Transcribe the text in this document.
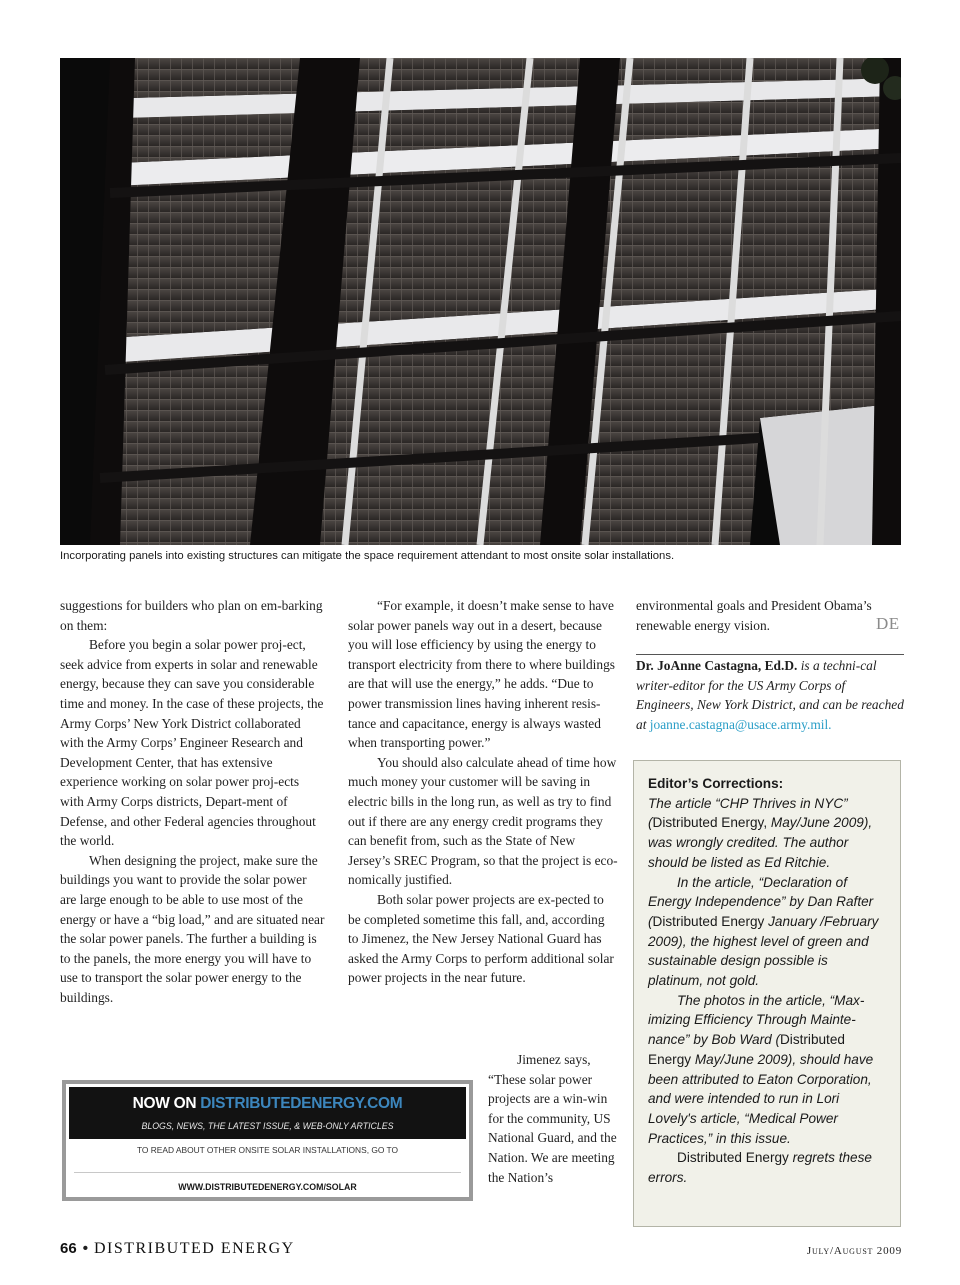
Incorporating panels into existing structures can mitigate the space requirement attendant to most onsite solar installations.

suggestions for builders who plan on em-barking on them:

Before you begin a solar power proj-ect, seek advice from experts in solar and renewable energy, because they can save you considerable time and money. In the case of these projects, the Army Corps’ New York District collaborated with the Army Corps’ Engineer Research and Development Center, that has extensive experience working on solar power proj-ects with Army Corps districts, Depart-ment of Defense, and other Federal agencies throughout the world.

When designing the project, make sure the buildings you want to provide the solar power are large enough to be able to use most of the energy or have a “big load,” and are situated near the solar power panels. The further a building is to the panels, the more energy you will have to use to transport the solar power energy to the buildings.

“For example, it doesn’t make sense to have solar power panels way out in a desert, because you will lose efficiency by using the energy to transport electricity from there to where buildings are that will use the energy,” he adds. “Due to power transmission lines having inherent resis-tance and capacitance, energy is always wasted when transporting power.”

You should also calculate ahead of time how much money your customer will be saving in electric bills in the long run, as well as try to find out if there are any energy credit programs they can benefit from, such as the State of New Jersey’s SREC Program, so that the project is eco-nomically justified.

Both solar power projects are ex-pected to be completed sometime this fall, and, according to Jimenez, the New Jersey National Guard has asked the Army Corps to perform additional solar power projects in the near future.

Jimenez says, “These solar power projects are a win-win for the community, US National Guard, and the Nation. We are meeting the Nation’s

environmental goals and President Obama’s renewable energy vision.	DE

Dr. JoAnne Castagna, Ed.D. is a techni-cal writer-editor for the US Army Corps of Engineers, New York District, and can be reached at joanne.castagna@usace.army.mil.

Editor’s Corrections:

The article “CHP Thrives in NYC” (Distributed Energy, May/June 2009), was wrongly credited. The author should be listed as Ed Ritchie.

In the article, “Declaration of Energy Independence” by Dan Rafter (Distributed Energy January /February 2009), the highest level of green and sustainable design possible is platinum, not gold.

The photos in the article, “Max-imizing Efficiency Through Mainte-nance” by Bob Ward (Distributed Energy May/June 2009), should have been attributed to Eaton Corporation, and were intended to run in Lori Lovely's article, “Medical Power Practices,” in this issue.

Distributed Energy regrets these errors.

NOW ON DISTRIBUTEDENERGY.COM
BLOGS, NEWS, THE LATEST ISSUE, & WEB-ONLY ARTICLES
TO READ ABOUT OTHER ONSITE SOLAR INSTALLATIONS, GO TO
WWW.DISTRIBUTEDENERGY.COM/SOLAR
66 • DISTRIBUTED ENERGY	July/August 2009
